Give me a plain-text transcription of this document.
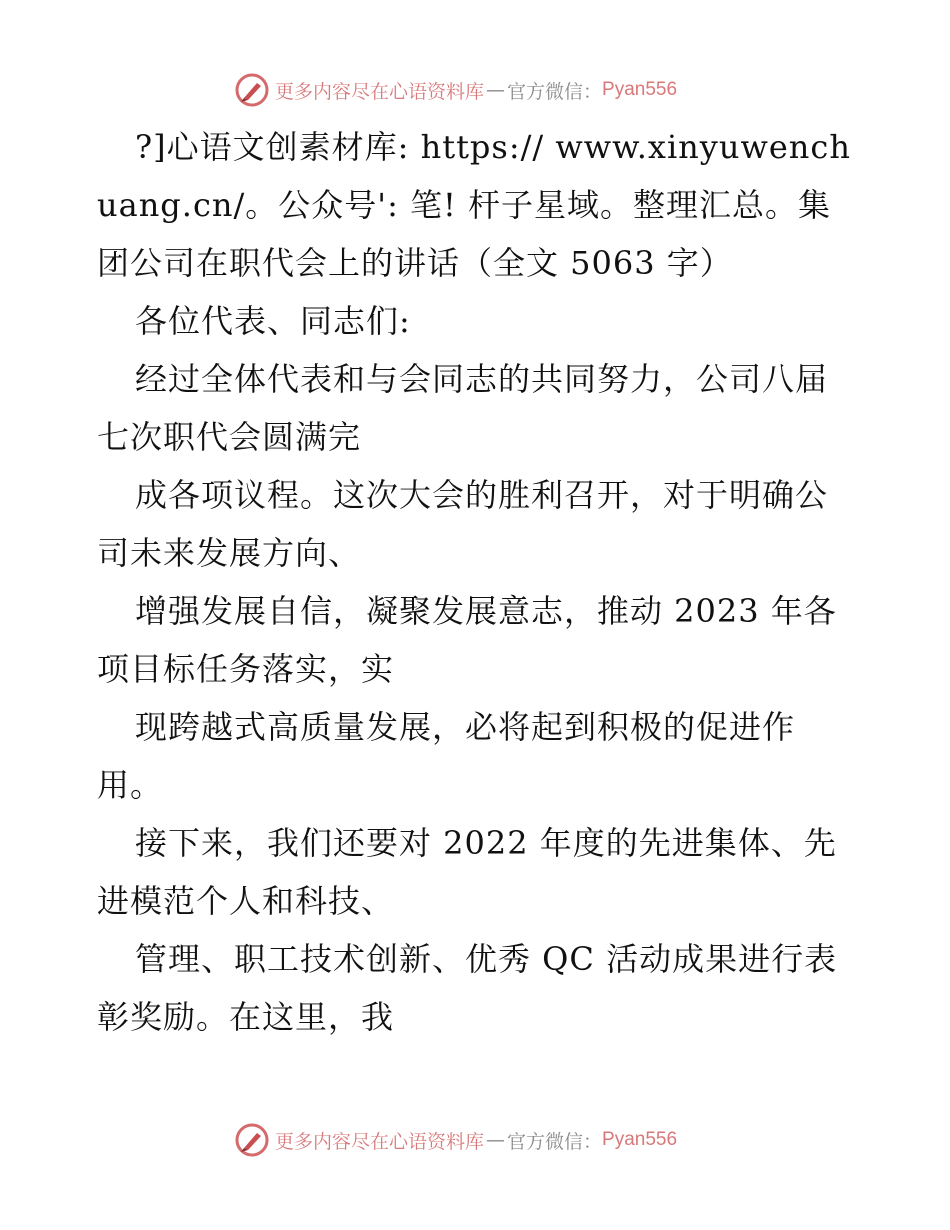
更多内容尽在心语资料库 — 官方微信： Pyan556

?]心语文创素材库: https:// www.xinyuwenchuang.cn/。公众号': 笔! 杆子星域。整理汇总。集团公司在职代会上的讲话（全文 5063 字）

各位代表、同志们:

经过全体代表和与会同志的共同努力，公司八届七次职代会圆满完

成各项议程。这次大会的胜利召开，对于明确公司未来发展方向、

增强发展自信，凝聚发展意志，推动 2023 年各项目标任务落实，实

现跨越式高质量发展，必将起到积极的促进作用。

接下来，我们还要对 2022 年度的先进集体、先进模范个人和科技、

管理、职工技术创新、优秀 QC 活动成果进行表彰奖励。在这里，我

更多内容尽在心语资料库 — 官方微信： Pyan556
